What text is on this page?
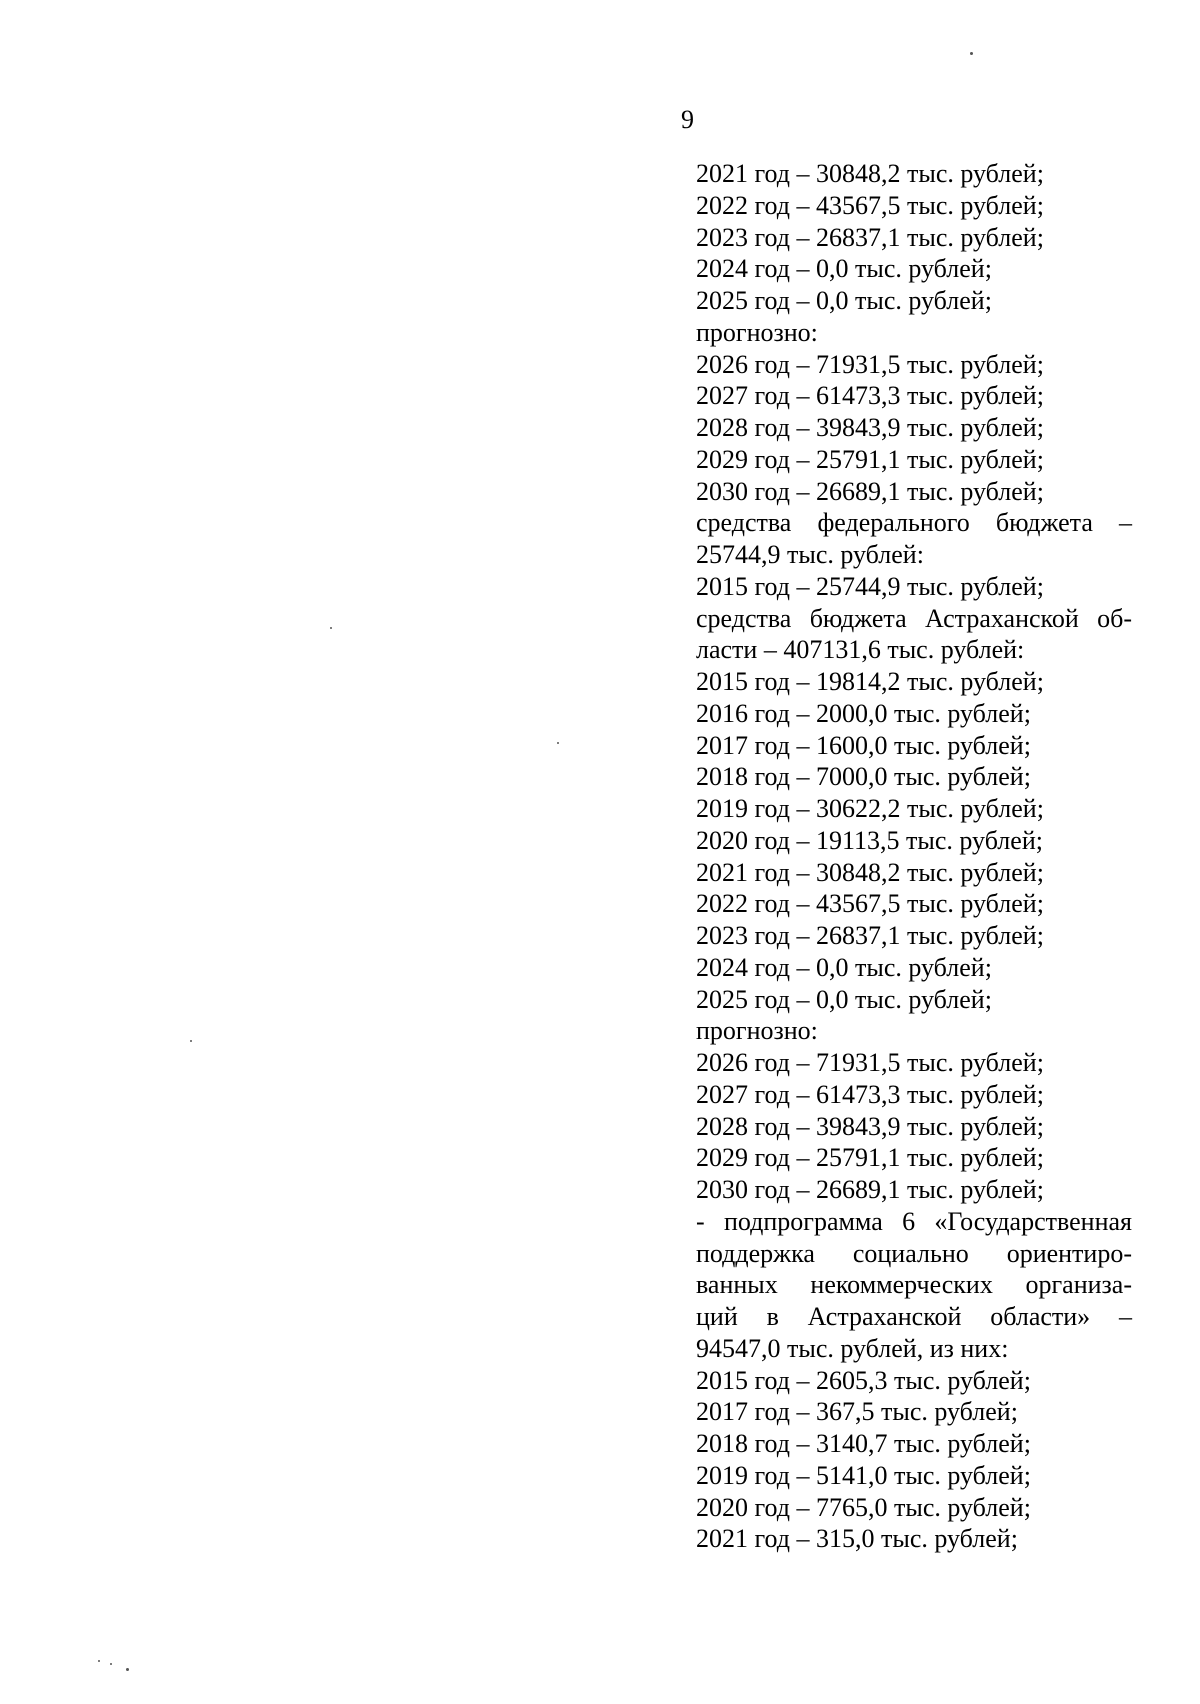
9
2021 год – 30848,2 тыс. рублей;
2022 год – 43567,5 тыс. рублей;
2023 год – 26837,1 тыс. рублей;
2024 год – 0,0 тыс. рублей;
2025 год – 0,0 тыс. рублей;
прогнозно:
2026 год – 71931,5 тыс. рублей;
2027 год – 61473,3 тыс. рублей;
2028 год – 39843,9 тыс. рублей;
2029 год – 25791,1 тыс. рублей;
2030 год – 26689,1 тыс. рублей;
средства федерального бюджета –
25744,9 тыс. рублей:
2015 год – 25744,9 тыс. рублей;
средства бюджета Астраханской об-
ласти – 407131,6 тыс. рублей:
2015 год – 19814,2 тыс. рублей;
2016 год – 2000,0 тыс. рублей;
2017 год – 1600,0 тыс. рублей;
2018 год – 7000,0 тыс. рублей;
2019 год – 30622,2 тыс. рублей;
2020 год – 19113,5 тыс. рублей;
2021 год – 30848,2 тыс. рублей;
2022 год – 43567,5 тыс. рублей;
2023 год – 26837,1 тыс. рублей;
2024 год – 0,0 тыс. рублей;
2025 год – 0,0 тыс. рублей;
прогнозно:
2026 год – 71931,5 тыс. рублей;
2027 год – 61473,3 тыс. рублей;
2028 год – 39843,9 тыс. рублей;
2029 год – 25791,1 тыс. рублей;
2030 год – 26689,1 тыс. рублей;
- подпрограмма 6 «Государственная
поддержка социально ориентиро-
ванных некоммерческих организа-
ций в Астраханской области» –
94547,0 тыс. рублей, из них:
2015 год – 2605,3 тыс. рублей;
2017 год – 367,5 тыс. рублей;
2018 год – 3140,7 тыс. рублей;
2019 год – 5141,0 тыс. рублей;
2020 год – 7765,0 тыс. рублей;
2021 год – 315,0 тыс. рублей;
